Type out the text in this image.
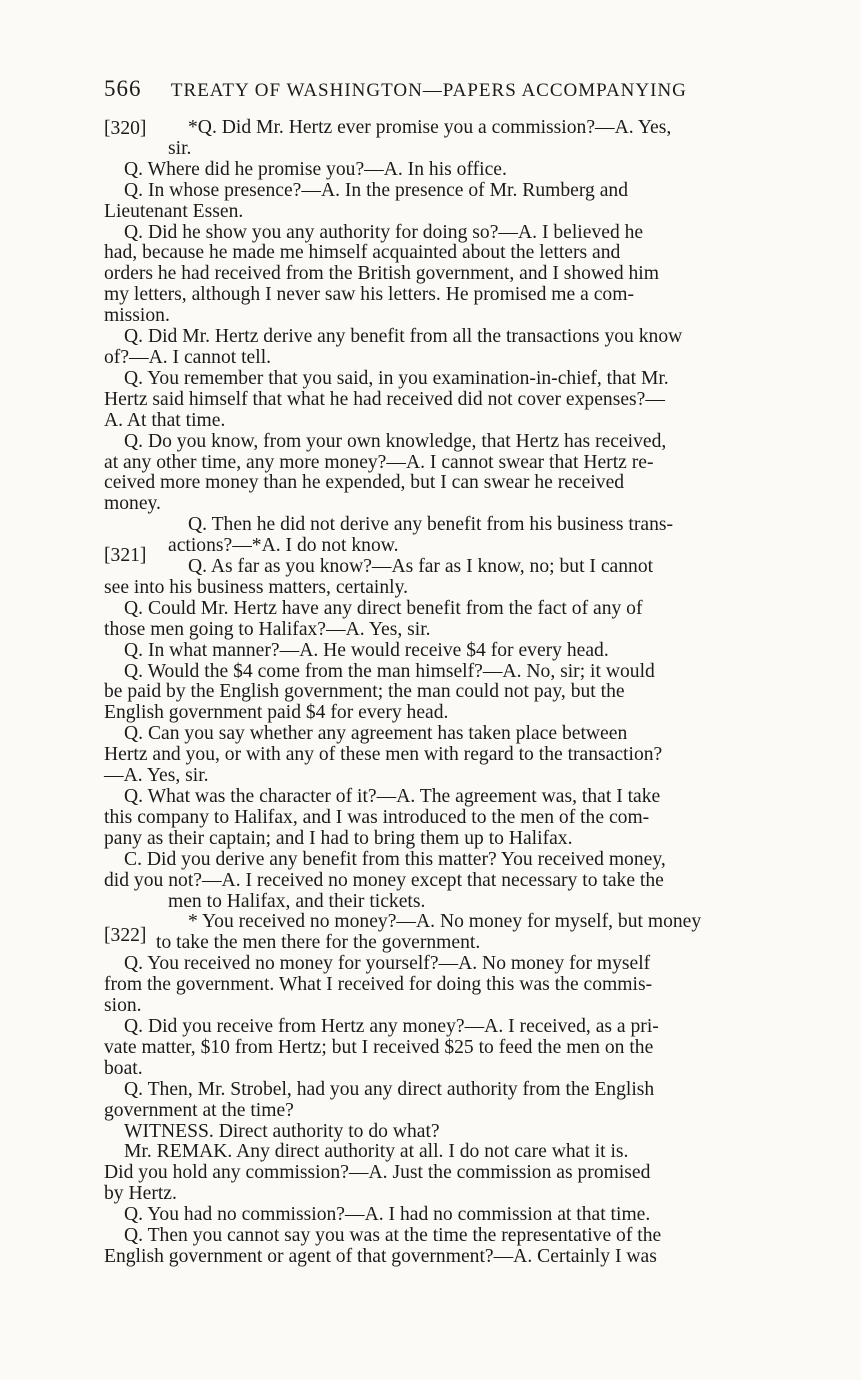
566 TREATY OF WASHINGTON—PAPERS ACCOMPANYING
[320]
[321]
[322]

*Q. Did Mr. Hertz ever promise you a commission?—A. Yes,

sir.

Q. Where did he promise you?—A. In his office.

Q. In whose presence?—A. In the presence of Mr. Rumberg and

Lieutenant Essen.

Q. Did he show you any authority for doing so?—A. I believed he

had, because he made me himself acquainted about the letters and

orders he had received from the British government, and I showed him

my letters, although I never saw his letters. He promised me a com-

mission.

Q. Did Mr. Hertz derive any benefit from all the transactions you know

of?—A. I cannot tell.

Q. You remember that you said, in you examination-in-chief, that Mr.

Hertz said himself that what he had received did not cover expenses?—

A. At that time.

Q. Do you know, from your own knowledge, that Hertz has received,

at any other time, any more money?—A. I cannot swear that Hertz re-

ceived more money than he expended, but I can swear he received

money.

Q. Then he did not derive any benefit from his business trans-

actions?—*A. I do not know.

Q. As far as you know?—As far as I know, no; but I cannot

see into his business matters, certainly.

Q. Could Mr. Hertz have any direct benefit from the fact of any of

those men going to Halifax?—A. Yes, sir.

Q. In what manner?—A. He would receive $4 for every head.

Q. Would the $4 come from the man himself?—A. No, sir; it would

be paid by the English government; the man could not pay, but the

English government paid $4 for every head.

Q. Can you say whether any agreement has taken place between

Hertz and you, or with any of these men with regard to the transaction?

—A. Yes, sir.

Q. What was the character of it?—A. The agreement was, that I take

this company to Halifax, and I was introduced to the men of the com-

pany as their captain; and I had to bring them up to Halifax.

C. Did you derive any benefit from this matter? You received money,

did you not?—A. I received no money except that necessary to take the

men to Halifax, and their tickets.

* You received no money?—A. No money for myself, but money

to take the men there for the government.

Q. You received no money for yourself?—A. No money for myself

from the government. What I received for doing this was the commis-

sion.

Q. Did you receive from Hertz any money?—A. I received, as a pri-

vate matter, $10 from Hertz; but I received $25 to feed the men on the

boat.

Q. Then, Mr. Strobel, had you any direct authority from the English

government at the time?

WITNESS. Direct authority to do what?

Mr. REMAK. Any direct authority at all. I do not care what it is.

Did you hold any commission?—A. Just the commission as promised

by Hertz.

Q. You had no commission?—A. I had no commission at that time.

Q. Then you cannot say you was at the time the representative of the

English government or agent of that government?—A. Certainly I was
